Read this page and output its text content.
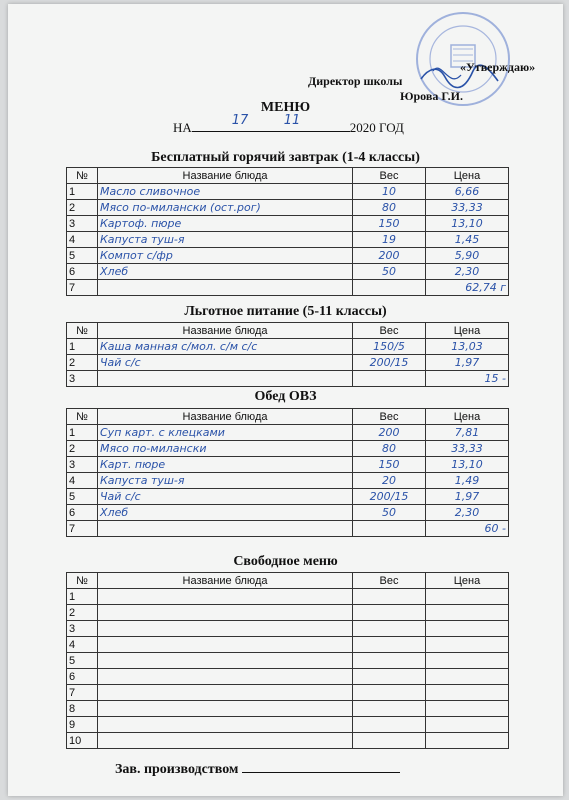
«Утверждаю»
Директор школы  Юрова Г.И.
МЕНЮ
НА	17	11	2020 ГОД
Бесплатный горячий завтрак (1-4 классы)
№	Название блюда	Вес	Цена
1	Масло сливочное	10	6,66
2	Мясо по-милански (ост.рог)	80	33,33
3	Картоф. пюре	150	13,10
4	Капуста туш-я	19	1,45
5	Компот с/фр	200	5,90
6	Хлеб	50	2,30
7			62,74 г
Льготное питание (5-11 классы)
№	Название блюда	Вес	Цена
1	Каша манная с/мол. с/м с/с	150/5	13,03
2	Чай с/с	200/15	1,97
3			15 -
Обед ОВЗ
№	Название блюда	Вес	Цена
1	Суп карт. с клецками	200	7,81
2	Мясо по-милански	80	33,33
3	Карт. пюре	150	13,10
4	Капуста туш-я	20	1,49
5	Чай с/с	200/15	1,97
6	Хлеб	50	2,30
7			60 -
Свободное меню
№	Название блюда	Вес	Цена
1			
2			
3			
4			
5			
6			
7			
8			
9			
10			
Зав. производством
